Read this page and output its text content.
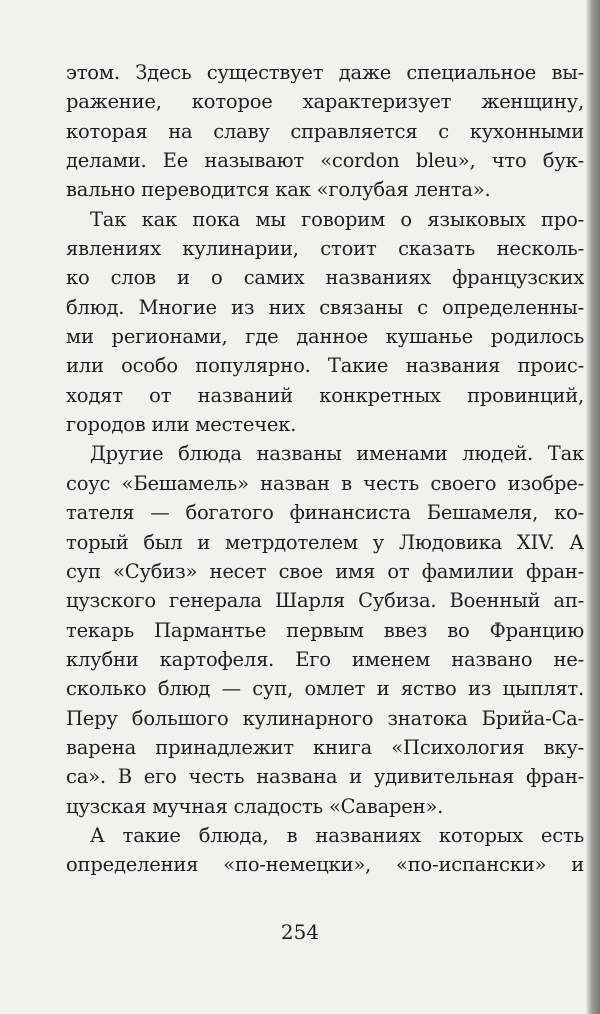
этом. Здесь существует даже специальное вы-
ражение, которое характеризует женщину,
которая на славу справляется с кухонными
делами. Ее называют «cordon bleu», что бук-
вально переводится как «голубая лента».
Так как пока мы говорим о языковых про-
явлениях кулинарии, стоит сказать несколь-
ко слов и о самих названиях французских
блюд. Многие из них связаны с определенны-
ми регионами, где данное кушанье родилось
или особо популярно. Такие названия проис-
ходят от названий конкретных провинций,
городов или местечек.
Другие блюда названы именами людей. Так
соус «Бешамель» назван в честь своего изобре-
тателя — богатого финансиста Бешамеля, ко-
торый был и метрдотелем у Людовика XIV. А
суп «Субиз» несет свое имя от фамилии фран-
цузского генерала Шарля Субиза. Военный ап-
текарь Пармантье первым ввез во Францию
клубни картофеля. Его именем названо не-
сколько блюд — суп, омлет и яство из цыплят.
Перу большого кулинарного знатока Брийа-Са-
варена принадлежит книга «Психология вку-
са». В его честь названа и удивительная фран-
цузская мучная сладость «Саварен».
А такие блюда, в названиях которых есть
определения «по-немецки», «по-испански» и
254
